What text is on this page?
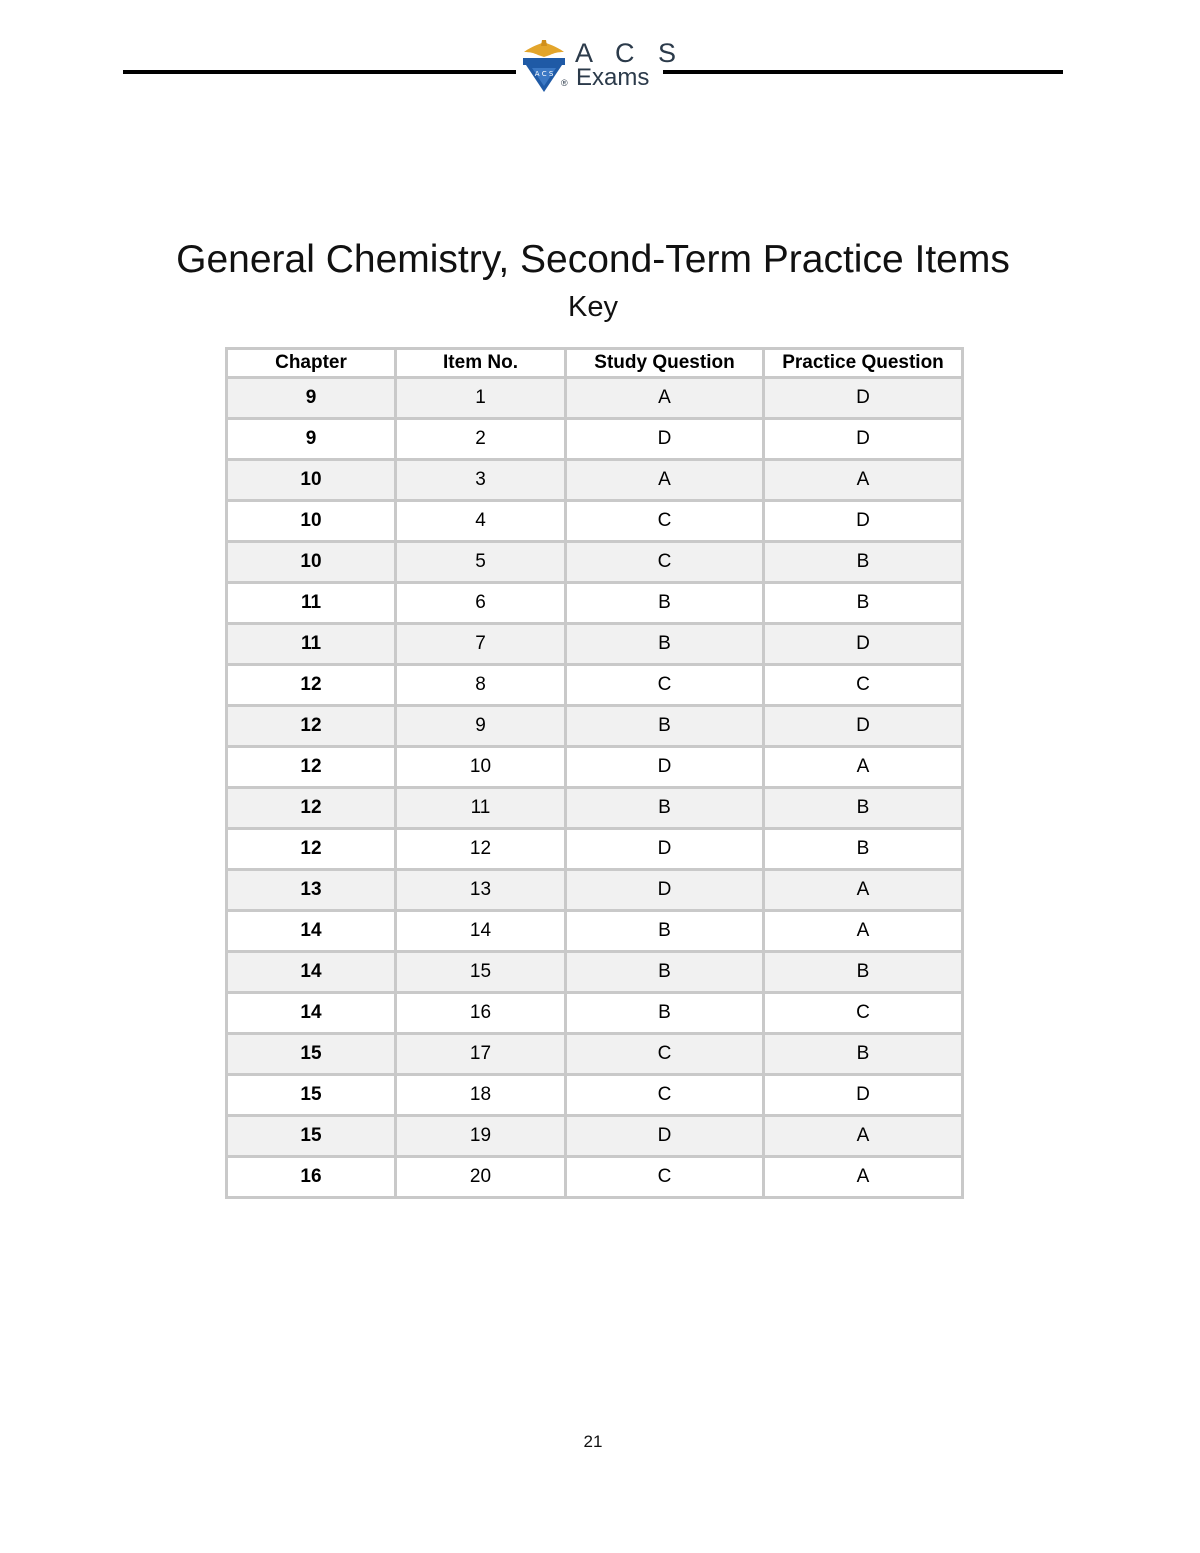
A C S
®
A C S
Exams
General Chemistry, Second-Term Practice Items
Key
Chapter	Item No.	Study Question	Practice Question
9	1	A	D
9	2	D	D
10	3	A	A
10	4	C	D
10	5	C	B
11	6	B	B
11	7	B	D
12	8	C	C
12	9	B	D
12	10	D	A
12	11	B	B
12	12	D	B
13	13	D	A
14	14	B	A
14	15	B	B
14	16	B	C
15	17	C	B
15	18	C	D
15	19	D	A
16	20	C	A
21
